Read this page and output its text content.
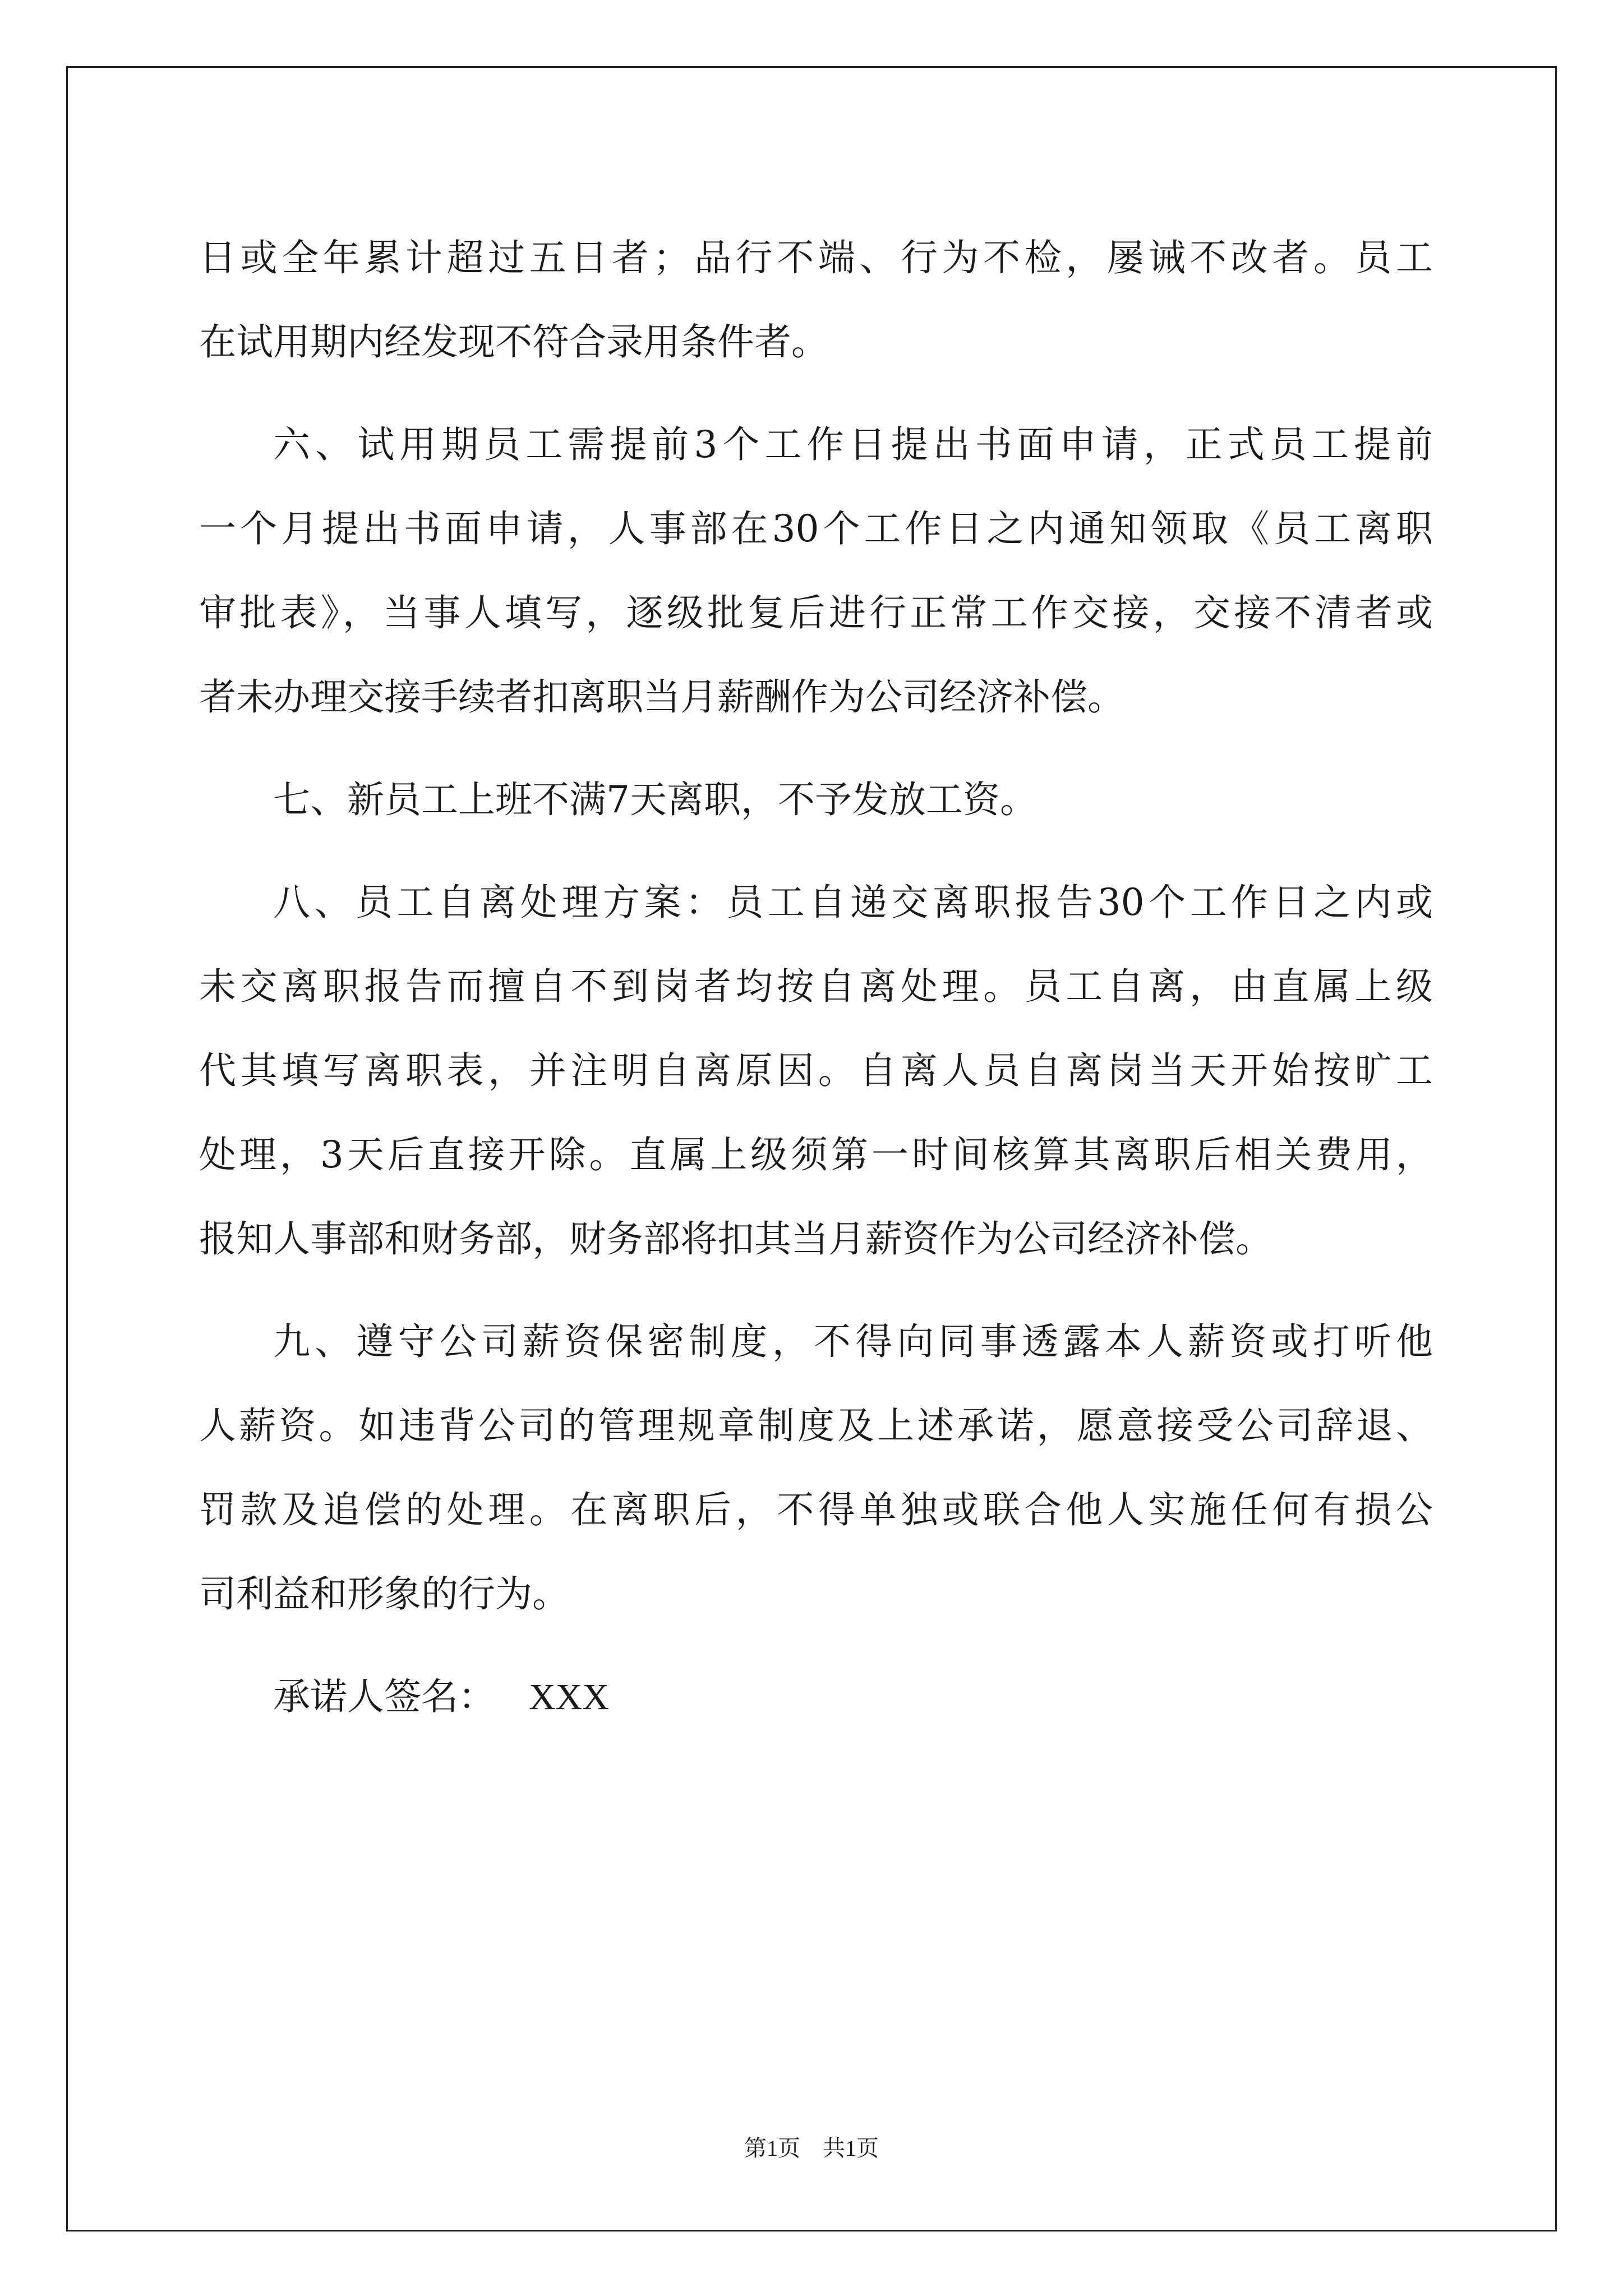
日或全年累计超过五日者；品行不端、行为不检，屡诫不改者。员工
在试用期内经发现不符合录用条件者。
六、试用期员工需提前3个工作日提出书面申请，正式员工提前
一个月提出书面申请，人事部在30个工作日之内通知领取《员工离职
审批表》，当事人填写，逐级批复后进行正常工作交接，交接不清者或
者未办理交接手续者扣离职当月薪酬作为公司经济补偿。
七、新员工上班不满7天离职，不予发放工资。
八、员工自离处理方案：员工自递交离职报告30个工作日之内或
未交离职报告而擅自不到岗者均按自离处理。员工自离，由直属上级
代其填写离职表，并注明自离原因。自离人员自离岗当天开始按旷工
处理，3天后直接开除。直属上级须第一时间核算其离职后相关费用，
报知人事部和财务部，财务部将扣其当月薪资作为公司经济补偿。
九、遵守公司薪资保密制度，不得向同事透露本人薪资或打听他
人薪资。如违背公司的管理规章制度及上述承诺，愿意接受公司辞退、
罚款及追偿的处理。在离职后，不得单独或联合他人实施任何有损公
司利益和形象的行为。
承诺人签名： XXX
第1页　共1页
